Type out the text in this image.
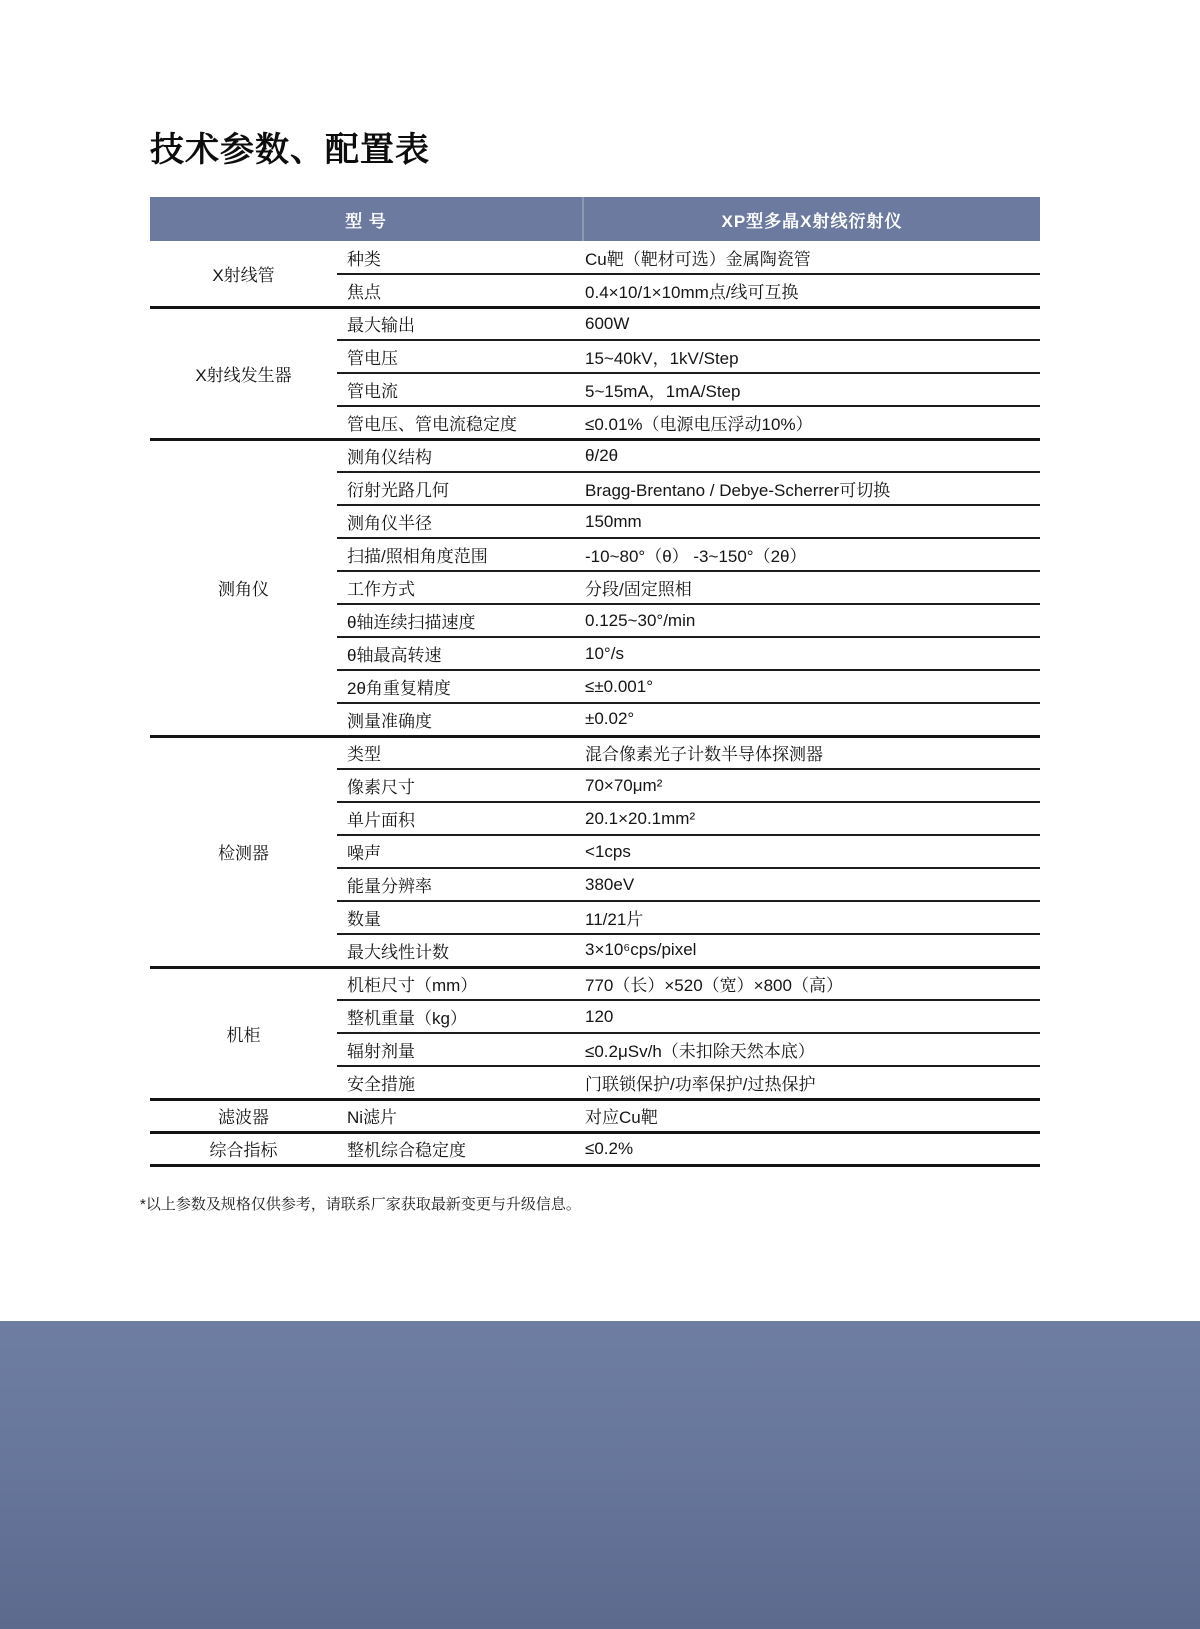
技术参数、配置表
型 号		XP型多晶X射线衍射仪
X射线管	种类	Cu靶（靶材可选）金属陶瓷管
	焦点	0.4×10/1×10mm点/线可互换
X射线发生器	最大输出	600W
	管电压	15~40kV，1kV/Step
	管电流	5~15mA，1mA/Step
	管电压、管电流稳定度	≤0.01%（电源电压浮动10%）
测角仪	测角仪结构	θ/2θ
	衍射光路几何	Bragg-Brentano / Debye-Scherrer可切换
	测角仪半径	150mm
	扫描/照相角度范围	-10~80°（θ） -3~150°（2θ）
	工作方式	分段/固定照相
	θ轴连续扫描速度	0.125~30°/min
	θ轴最高转速	10°/s
	2θ角重复精度	≤±0.001°
	测量准确度	±0.02°
检测器	类型	混合像素光子计数半导体探测器
	像素尺寸	70×70μm²
	单片面积	20.1×20.1mm²
	噪声	<1cps
	能量分辨率	380eV
	数量	11/21片
	最大线性计数	3×10⁶cps/pixel
机柜	机柜尺寸（mm）	770（长）×520（宽）×800（高）
	整机重量（kg）	120
	辐射剂量	≤0.2μSv/h（未扣除天然本底）
	安全措施	门联锁保护/功率保护/过热保护
滤波器	Ni滤片	对应Cu靶
综合指标	整机综合稳定度	≤0.2%

*以上参数及规格仅供参考，请联系厂家获取最新变更与升级信息。
